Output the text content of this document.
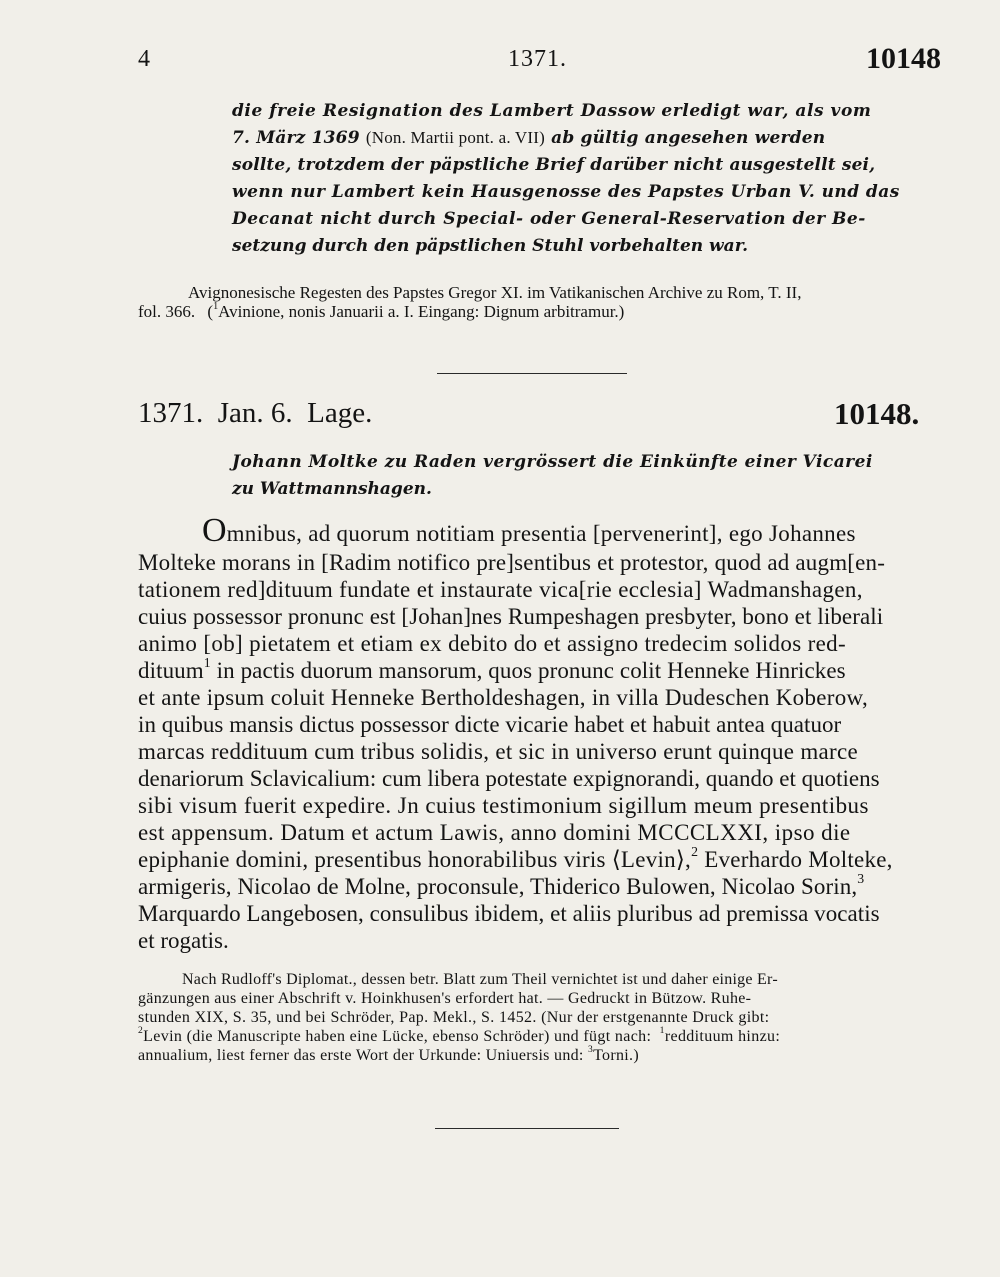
4	1371.	10148
die freie Resignation des Lambert Dassow erledigt war, als vom
7. März 1369 (Non. Martii pont. a. VII) ab gültig angesehen werden
sollte, trotzdem der päpstliche Brief darüber nicht ausgestellt sei,
wenn nur Lambert kein Hausgenosse des Papstes Urban V. und das
Decanat nicht durch Special- oder General-Reservation der Be-
setzung durch den päpstlichen Stuhl vorbehalten war.
Avignonesische Regesten des Papstes Gregor XI. im Vatikanischen Archive zu Rom, T. II,
fol. 366. ($^1$Avinione, nonis Januarii a. I. Eingang: Dignum arbitramur.)
1371.  Jan. 6.  Lage.	10148.
Johann Moltke zu Raden vergrössert die Einkünfte einer Vicarei
zu Wattmannshagen.
Omnibus, ad quorum notitiam presentia [pervenerint], ego Johannes
Molteke morans in [Radim notifico pre]sentibus et protestor, quod ad augm[en-
tationem red]dituum fundate et instaurate vica[rie ecclesia] Wadmanshagen,
cuius possessor pronunc est [Johan]nes Rumpeshagen presbyter, bono et liberali
animo [ob] pietatem et etiam ex debito do et assigno tredecim solidos red-
dituum$^1$ in pactis duorum mansorum, quos pronunc colit Henneke Hinrickes
et ante ipsum coluit Henneke Bertholdeshagen, in villa Dudeschen Koberow,
in quibus mansis dictus possessor dicte vicarie habet et habuit antea quatuor
marcas reddituum cum tribus solidis, et sic in universo erunt quinque marce
denariorum Sclavicalium: cum libera potestate expignorandi, quando et quotiens
sibi visum fuerit expedire. Jn cuius testimonium sigillum meum presentibus
est appensum. Datum et actum Lawis, anno domini MCCCLXXI, ipso die
epiphanie domini, presentibus honorabilibus viris ⟨Levin⟩,$^2$ Everhardo Molteke,
armigeris, Nicolao de Molne, proconsule, Thiderico Bulowen, Nicolao Sorin,$^3$
Marquardo Langebosen, consulibus ibidem, et aliis pluribus ad premissa vocatis
et rogatis.
Nach Rudloff's Diplomat., dessen betr. Blatt zum Theil vernichtet ist und daher einige Er-
gänzungen aus einer Abschrift v. Hoinkhusen's erfordert hat. — Gedruckt in Bützow. Ruhe-
stunden XIX, S. 35, und bei Schröder, Pap. Mekl., S. 1452. (Nur der erstgenannte Druck gibt:
$^2$Levin (die Manuscripte haben eine Lücke, ebenso Schröder) und fügt nach: $^1$reddituum hinzu:
annualium, liest ferner das erste Wort der Urkunde: Uniuersis und: $^3$Torni.)
